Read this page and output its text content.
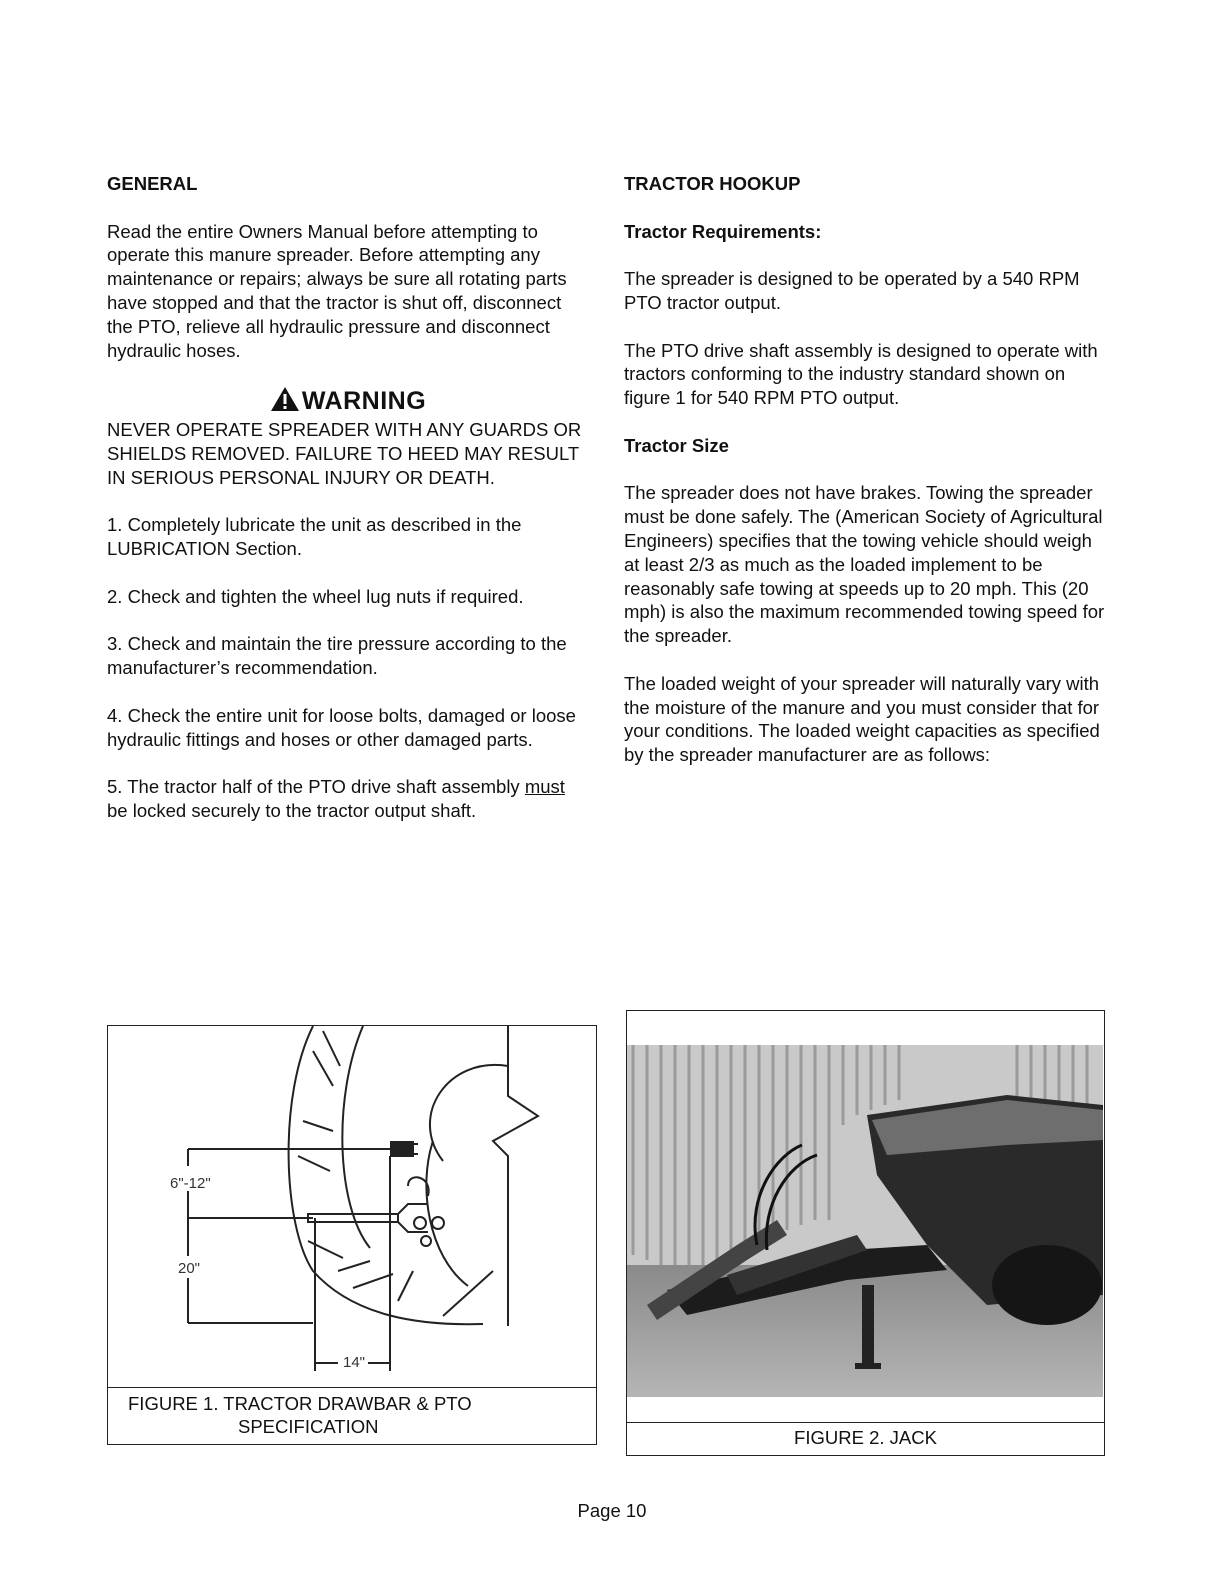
GENERAL

Read the entire Owners Manual before attempting to operate this manure spreader. Before attempting any maintenance or repairs; always be sure all rotating parts have stopped and that the tractor is shut off, disconnect the PTO, relieve all hydraulic pressure and disconnect hydraulic hoses.

WARNING

NEVER OPERATE SPREADER WITH ANY GUARDS OR SHIELDS REMOVED. FAILURE TO HEED MAY RESULT IN SERIOUS PERSONAL INJURY OR DEATH.

1. Completely lubricate the unit as described in the LUBRICATION Section.

2. Check and tighten the wheel lug nuts if required.

3. Check and maintain the tire pressure according to the manufacturer’s recommendation.

4. Check the entire unit for loose bolts, damaged or loose hydraulic fittings and hoses or other damaged parts.

5. The tractor half of the PTO drive shaft assembly must be locked securely to the tractor output shaft.

TRACTOR HOOKUP

Tractor Requirements:

The spreader is designed to be operated by a 540 RPM PTO tractor output.

The PTO drive shaft assembly is designed to operate with tractors conforming to the industry standard shown on figure 1 for 540 RPM PTO output.

Tractor Size

The spreader does not have brakes. Towing the spreader must be done safely. The (American Society of Agricultural Engineers) specifies that the towing vehicle should weigh at least 2/3 as much as the loaded implement to be reasonably safe towing at speeds up to 20 mph. This (20 mph) is also the maximum recommended towing speed for the spreader.

The loaded weight of your spreader will naturally vary with the moisture of the manure and you must consider that for your conditions. The loaded weight capacities as specified by the spreader manufacturer are as follows:

6"-12"
20"
14"
FIGURE 1. TRACTOR DRAWBAR & PTO
SPECIFICATION
FIGURE 2. JACK
Page 10
